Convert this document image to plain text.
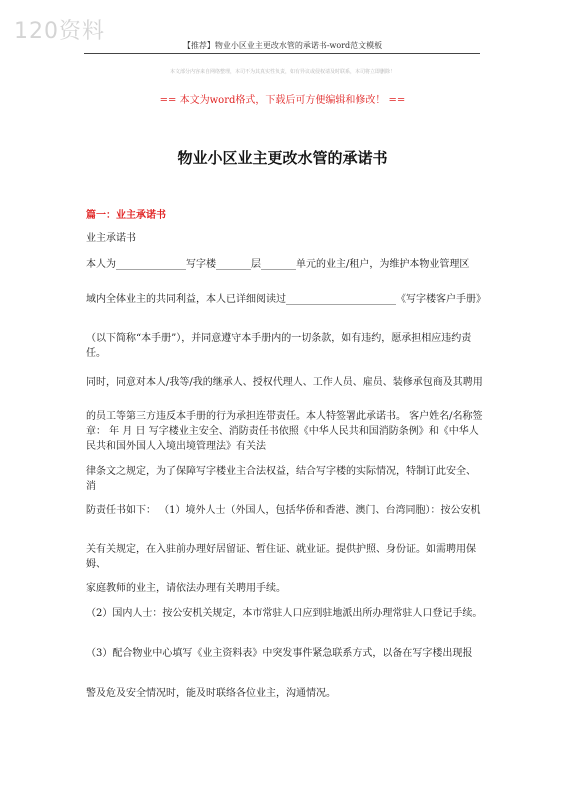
120资料
【推荐】物业小区业主更改水管的承诺书-word范文模板
本文部分内容来自网络整理，本司不为其真实性负责，如有异议或侵权请及时联系，本司将立即删除！
== 本文为word格式，下载后可方便编辑和修改！ ==
物业小区业主更改水管的承诺书
篇一：业主承诺书

业主承诺书

本人为______________写字楼_______层_______单元的业主/租户，为维护本物业管理区

域内全体业主的共同利益，本人已详细阅读过______________________《写字楼客户手册》

（以下简称“本手册”），并同意遵守本手册内的一切条款，如有违约，愿承担相应违约责任。

同时，同意对本人/我等/我的继承人、授权代理人、工作人员、雇员、装修承包商及其聘用

的员工等第三方违反本手册的行为承担连带责任。本人特签署此承诺书。 客户姓名/名称签章： 年 月 日 写字楼业主安全、消防责任书依照《中华人民共和国消防条例》和《中华人民共和国外国人入境出境管理法》有关法

律条文之规定，为了保障写字楼业主合法权益，结合写字楼的实际情况，特制订此安全、消

防责任书如下： （1）境外人士（外国人，包括华侨和香港、澳门、台湾同胞）：按公安机

关有关规定，在入驻前办理好居留证、暂住证、就业证。提供护照、身份证。如需聘用保姆、

家庭教师的业主，请依法办理有关聘用手续。

（2）国内人士：按公安机关规定，本市常驻人口应到驻地派出所办理常驻人口登记手续。

（3）配合物业中心填写《业主资料表》中突发事件紧急联系方式，以备在写字楼出现报

警及危及安全情况时，能及时联络各位业主，沟通情况。
